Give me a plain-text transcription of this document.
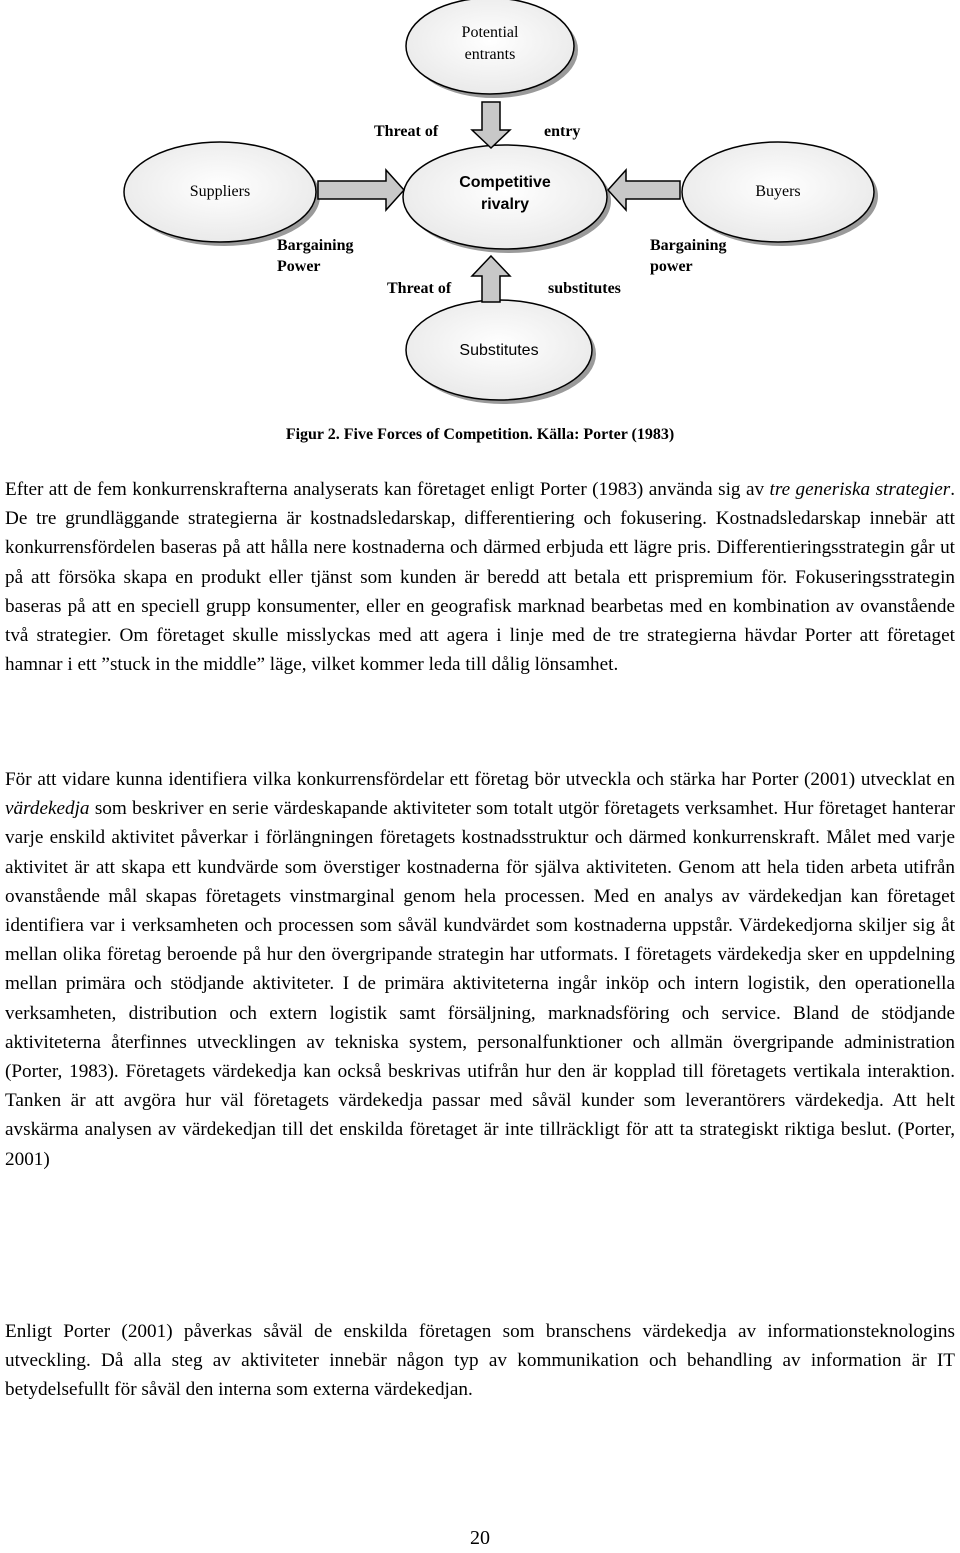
Potential
entrants
Suppliers
Competitive
rivalry
Buyers
Substitutes
Threat of	entry
Bargaining
Power
Bargaining
power
Threat of	substitutes
Figur 2. Five Forces of Competition. Källa: Porter (1983)

Efter att de fem konkurrenskrafterna analyserats kan företaget enligt Porter (1983) använda sig av tre generiska strategier. De tre grundläggande strategierna är kostnadsledarskap, differentiering och fokusering. Kostnadsledarskap innebär att konkurrensfördelen baseras på att hålla nere kostnaderna och därmed erbjuda ett lägre pris. Differentieringsstrategin går ut på att försöka skapa en produkt eller tjänst som kunden är beredd att betala ett prispremium för. Fokuseringsstrategin baseras på att en speciell grupp konsumenter, eller en geografisk marknad bearbetas med en kombination av ovanstående två strategier. Om företaget skulle misslyckas med att agera i linje med de tre strategierna hävdar Porter att företaget hamnar i ett ”stuck in the middle” läge, vilket kommer leda till dålig lönsamhet.

För att vidare kunna identifiera vilka konkurrensfördelar ett företag bör utveckla och stärka har Porter (2001) utvecklat en värdekedja som beskriver en serie värdeskapande aktiviteter som totalt utgör företagets verksamhet. Hur företaget hanterar varje enskild aktivitet påverkar i förlängningen företagets kostnadsstruktur och därmed konkurrenskraft. Målet med varje aktivitet är att skapa ett kundvärde som överstiger kostnaderna för själva aktiviteten. Genom att hela tiden arbeta utifrån ovanstående mål skapas företagets vinstmarginal genom hela processen. Med en analys av värdekedjan kan företaget identifiera var i verksamheten och processen som såväl kundvärdet som kostnaderna uppstår. Värdekedjorna skiljer sig åt mellan olika företag beroende på hur den övergripande strategin har utformats. I företagets värdekedja sker en uppdelning mellan primära och stödjande aktiviteter. I de primära aktiviteterna ingår inköp och intern logistik, den operationella verksamheten, distribution och extern logistik samt försäljning, marknadsföring och service. Bland de stödjande aktiviteterna återfinnes utvecklingen av tekniska system, personalfunktioner och allmän övergripande administration (Porter, 1983). Företagets värdekedja kan också beskrivas utifrån hur den är kopplad till företagets vertikala interaktion. Tanken är att avgöra hur väl företagets värdekedja passar med såväl kunder som leverantörers värdekedja. Att helt avskärma analysen av värdekedjan till det enskilda företaget är inte tillräckligt för att ta strategiskt riktiga beslut. (Porter, 2001)

Enligt Porter (2001) påverkas såväl de enskilda företagen som branschens värdekedja av informationsteknologins utveckling. Då alla steg av aktiviteter innebär någon typ av kommunikation och behandling av information är IT betydelsefullt för såväl den interna som externa värdekedjan.

20
